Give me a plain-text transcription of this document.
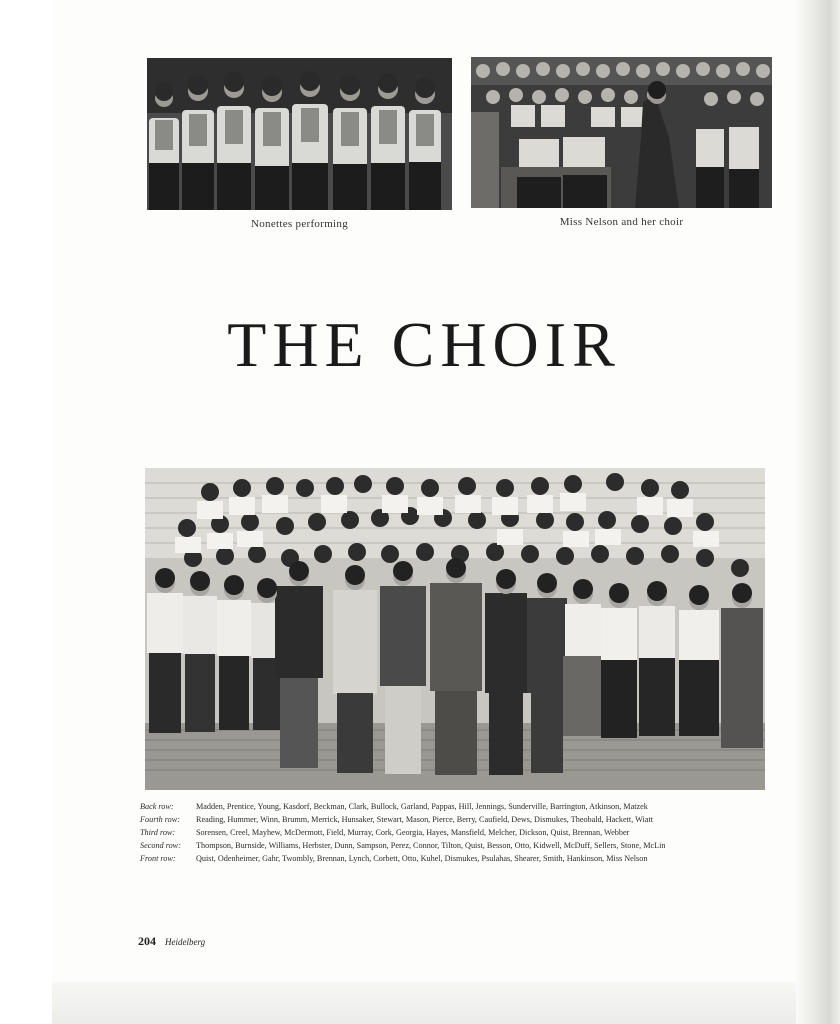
Nonettes performing	Miss Nelson and her choir
THE CHOIR
Back row:	Madden, Prentice, Young, Kasdorf, Beckman, Clark, Bullock, Garland, Pappas, Hill, Jennings, Sunderville, Barrington, Atkinson, Matzek
Fourth row:	Reading, Hummer, Winn, Brumm, Merrick, Hunsaker, Stewart, Mason, Pierce, Berry, Caufield, Dews, Dismukes, Theobald, Hackett, Wiatt
Third row:	Sorensen, Creel, Mayhew, McDermott, Field, Murray, Cork, Georgia, Hayes, Mansfield, Melcher, Dickson, Quist, Brennan, Webber
Second row:	Thompson, Burnside, Williams, Herbster, Dunn, Sampson, Perez, Connor, Tilton, Quist, Besson, Otto, Kidwell, McDuff, Sellers, Stone, McLin
Front row:	Quist, Odenheimer, Gahr, Twombly, Brennan, Lynch, Corbett, Otto, Kuhel, Dismukes, Psulahas, Shearer, Smith, Hankinson, Miss Nelson
204 Heidelberg
